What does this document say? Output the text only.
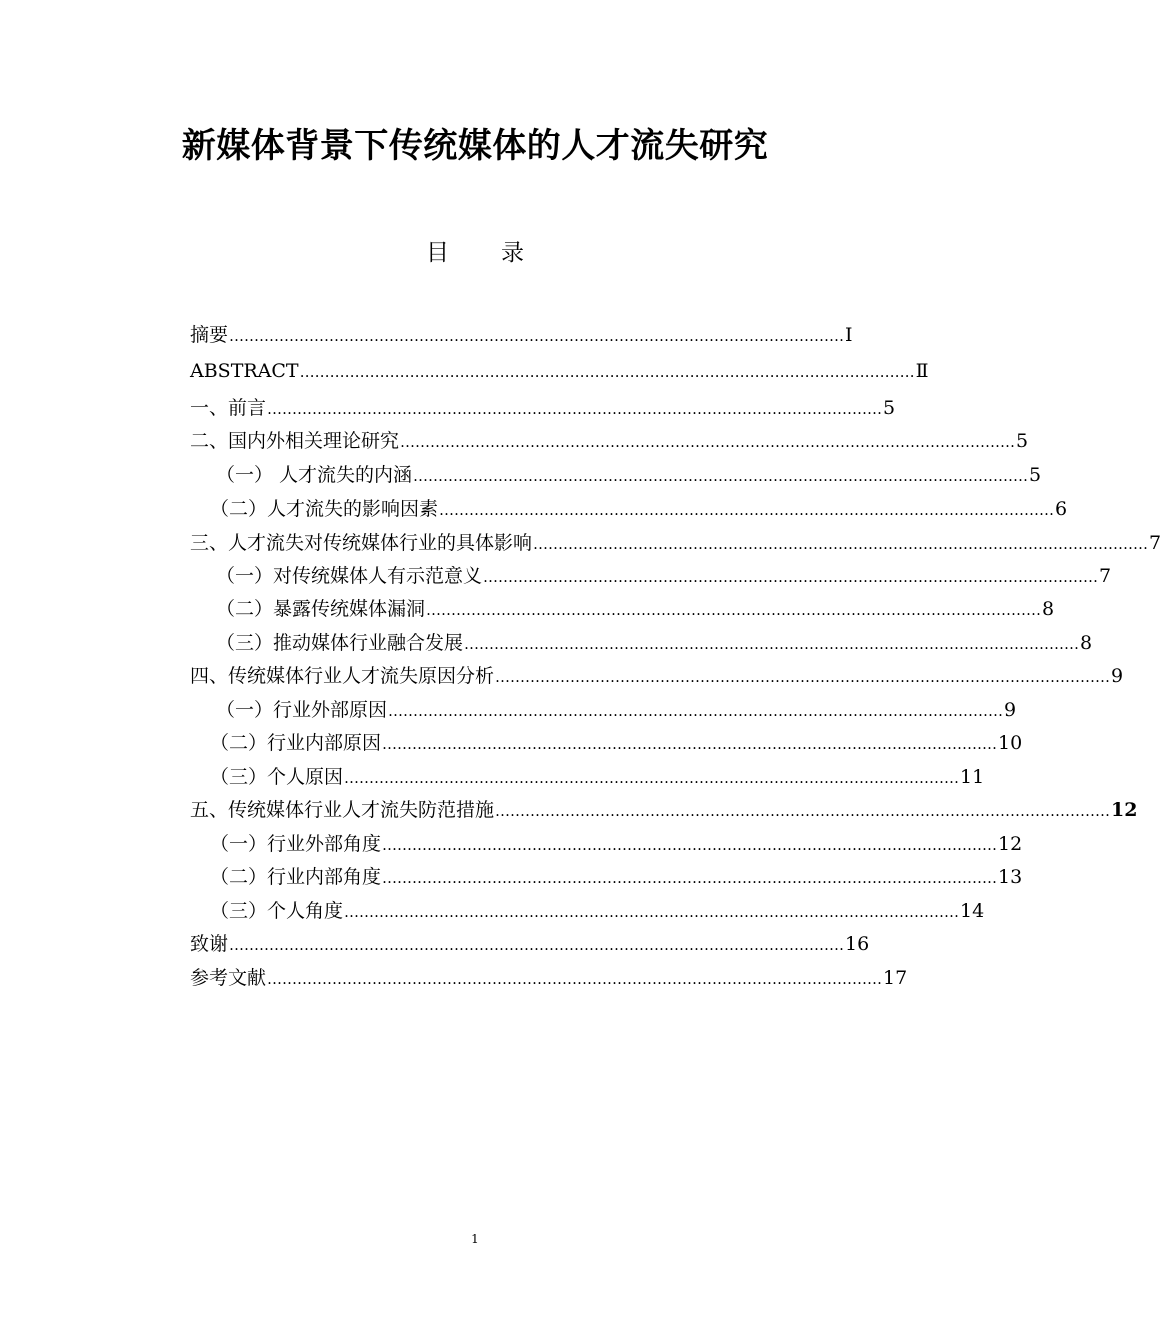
新媒体背景下传统媒体的人才流失研究
目 录
摘要 …………………………………………………………………………………………………………… Ⅰ
ABSTRACT …………………………………………………………………………………………………………… Ⅱ
一、前言 …………………………………………………………………………………………………………… 5
二、国内外相关理论研究 …………………………………………………………………………………………………………… 5
（一） 人才流失的内涵 …………………………………………………………………………………………………………… 5
（二）人才流失的影响因素 …………………………………………………………………………………………………………… 6
三、人才流失对传统媒体行业的具体影响 …………………………………………………………………………………………………………… 7
（一）对传统媒体人有示范意义 …………………………………………………………………………………………………………… 7
（二）暴露传统媒体漏洞 …………………………………………………………………………………………………………… 8
（三）推动媒体行业融合发展 …………………………………………………………………………………………………………… 8
四、传统媒体行业人才流失原因分析 …………………………………………………………………………………………………………… 9
（一）行业外部原因 …………………………………………………………………………………………………………… 9
（二）行业内部原因 …………………………………………………………………………………………………………… 10
（三）个人原因 …………………………………………………………………………………………………………… 11
五、传统媒体行业人才流失防范措施 …………………………………………………………………………………………………………… 12
（一）行业外部角度 …………………………………………………………………………………………………………… 12
（二）行业内部角度 …………………………………………………………………………………………………………… 13
（三）个人角度 …………………………………………………………………………………………………………… 14
致谢 …………………………………………………………………………………………………………… 16
参考文献 …………………………………………………………………………………………………………… 17
1
